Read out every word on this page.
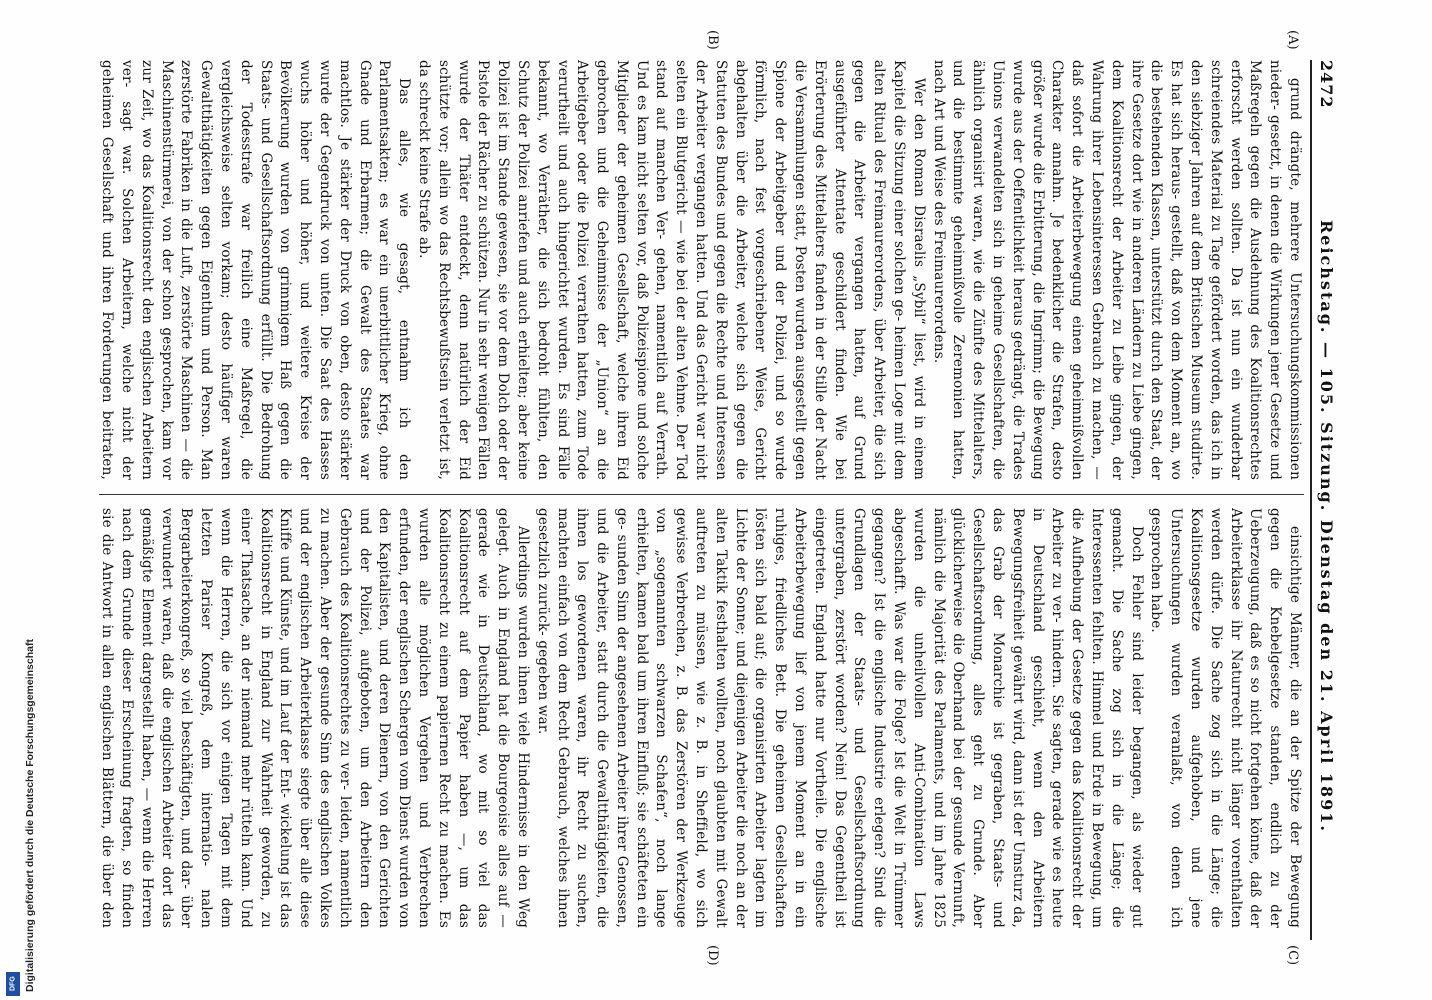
2472
Reichstag. — 105. Sitzung. Dienstag den 21. April 1891.

grund drängte, mehrere Untersuchungskommissionen nieder- gesetzt, in denen die Wirkungen jener Gesetze und Maßregeln gegen die Ausdehnung des Koalitionsrechtes erforscht werden sollten. Da ist nun ein wunderbar schreiendes Material zu Tage gefördert worden, das ich in den siebziger Jahren auf dem Britischen Museum studirte. Es hat sich heraus- gestellt, daß von dem Moment an, wo die bestehenden Klassen, unterstützt durch den Staat, der ihre Gesetze dort wie in anderen Ländern zu Liebe gingen, dem Koalitionsrecht der Arbeiter zu Leibe gingen, der Wahrung ihrer Lebensinteressen Gebrauch zu machen, — daß sofort die Arbeiterbewegung einen geheimnißvollen Charakter annahm. Je bedenklicher die Strafen, desto größer wurde die Erbitterung, die Ingrimm; die Bewegung wurde aus der Oeffentlichkeit heraus gedrängt, die Trades Unions verwandelten sich in geheime Gesellschaften, die ähnlich organisirt waren, wie die Zünfte des Mittelalters, und die bestimmte geheimnißvolle Zeremonien hatten, nach Art und Weise des Freimaurerordens.

Wer den Roman Disraelis „Sybil“ liest, wird in einem Kapitel die Sitzung einer solchen ge- heimen Loge mit dem alten Ritual des Freimaurerordens, über Arbeiter, die sich gegen die Arbeiter vergangen hatten, auf Grund ausgeführter Attentate geschildert finden. Wie bei Erörterung des Mittelalters fanden in der Stille der Nacht die Versammlungen statt, Posten wurden ausgestellt gegen Spione der Arbeitgeber und der Polizei, und so wurde förmlich, nach fest vorgeschriebener Weise, Gericht abgehalten über die Arbeiter, welche sich gegen die Statuten des Bundes und gegen die Rechte und Interessen der Arbeiter vergangen hatten. Und das Gericht war nicht selten ein Blutgericht — wie bei der alten Vehme. Der Tod stand auf manchen Ver- gehen, namentlich auf Verrath. Und es kam nicht selten vor, daß Polizeispione und solche Mitglieder der geheimen Gesellschaft, welche ihren Eid gebrochen und die Geheimnisse der „Union“ an die Arbeitgeber oder die Polizei verrathen hatten, zum Tode verurtheilt und auch hingerichtet wurden. Es sind Fälle bekannt, wo Verräther, die sich bedroht fühlten, den Schutz der Polizei anriefen und auch erhielten; aber keine Polizei ist im Stande gewesen, sie vor dem Dolch oder der Pistole der Rächer zu schützen. Nur in sehr wenigen Fällen wurde der Thäter entdeckt, denn natürlich der Eid schützte vor; allein wo das Rechtsbewußtsein verletzt ist, da schreckt keine Strafe ab.

Das alles, wie gesagt, entnahm ich den Parlamentsakten; es war ein unerbittlicher Krieg, ohne Gnade und Erbarmen; die Gewalt des Staates war machtlos. Je stärker der Druck von oben, desto stärker wurde der Gegendruck von unten. Die Saat des Hasses wuchs höher und höher, und weitere Kreise der Bevölkerung wurden von grimmigem Haß gegen die Staats- und Gesellschaftsordnung erfüllt. Die Bedrohung der Todesstrafe war freilich eine Maßregel, die vergleichsweise selten vorkam; desto häufiger waren Gewaltthätigkeiten gegen Eigenthum und Person. Man zerstörte Fabriken in die Luft, zerstörte Maschinen — die Maschinenstürmerei, von der schon gesprochen, kam vor zur Zeit, wo das Koalitionsrecht den englischen Arbeitern ver- sagt war. Solchen Arbeitern, welche nicht der geheimen Gesellschaft und ihren Forderungen beitraten,

einsichtige Männer, die an der Spitze der Bewegung gegen die Knebelgesetze standen, endlich zu der Ueberzeugung, daß es so nicht fortgehen könne, daß der Arbeiterklasse ihr Naturrecht nicht länger vorenthalten werden dürfe. Die Sache zog sich in die Länge; die Koalitionsgesetze wurden aufgehoben, und jene Untersuchungen wurden veranlaßt, von denen ich gesprochen habe.

Doch Fehler sind leider begangen, als wieder gut gemacht. Die Sache zog sich in die Länge; die Interessenten fehlten. Himmel und Erde in Bewegung, um die Aufhebung der Gesetze gegen das Koalitionsrecht der Arbeiter zu ver- hindern. Sie sagten, gerade wie es heute in Deutschland geschieht, wenn den Arbeitern Bewegungsfreiheit gewährt wird, dann ist der Umsturz da, das Grab der Monarchie ist gegraben, Staats- und Gesellschaftsordnung, alles geht zu Grunde. Aber glücklicherweise die Oberhand bei der gesunde Vernunft, nämlich die Majorität des Parlaments, und im Jahre 1825 wurden die unheilvollen Anti-Combination Laws abgeschafft. Was war die Folge? Ist die Welt in Trümmer gegangen? Ist die englische Industrie erlegen? Sind die Grundlagen der Staats- und Gesellschaftsordnung untergraben, zerstört worden? Nein! Das Gegentheil ist eingetreten. England hatte nur Vortheile. Die englische Arbeiterbewegung lief von jenem Moment an in ein ruhiges, friedliches Bett. Die geheimen Gesellschaften lösten sich bald auf; die organisirten Arbeiter lagten im Lichte der Sonne; und diejenigen Arbeiter die noch an der alten Taktik festhalten wollten, noch glaubten mit Gewalt auftreten zu müssen, wie z. B. in Sheffield, wo sich gewisse Verbrechen, z. B. das Zerstören der Werkzeuge von „sogenannten schwarzen Schafen“, noch lange erhielten, kamen bald um ihren Einfluß; sie schäfteten ein ge- sunden Sinn der angesehenen Arbeiter ihrer Genossen, und die Arbeiter, statt durch die Gewaltthätigkeiten, die ihnen los gewordenen waren, ihr Recht zu suchen, machten einfach von dem Recht Gebrauch, welches ihnen gesetzlich zurück- gegeben war.

Allerdings wurden ihnen viele Hindernisse in den Weg gelegt. Auch in England hat die Bourgeoisie alles auf — gerade wie in Deutschland, wo mit so viel das Koalitionsrecht auf dem Papier haben —, um das Koalitionsrecht zu einem papiernen Recht zu machen. Es wurden alle möglichen Vergehen und Verbrechen erfunden, der englischen Schergen vom Dienst wurden von den Kapitalisten, und deren Dienern, von den Gerichten und der Polizei, aufgeboten, um den Arbeitern den Gebrauch des Koalitionsrechtes zu ver- leiden, namentlich zu machen. Aber der gesunde Sinn des englischen Volkes und der englischen Arbeiterklasse siegte über alle diese Kniffe und Künste, und im Lauf der Ent- wickelung ist das Koalitionsrecht in England zur Wahrheit geworden, zu einer Thatsache, an der niemand mehr rütteln kann. Und wenn die Herren, die sich vor einigen Tagen mit dem letzten Pariser Kongreß, dem internatio- nalen Bergarbeiterkongreß, so viel beschäftigten, und dar- über verwundert waren, daß die englischen Arbeiter dort das gemäßigte Element dargestellt haben, — wenn die Herren nach dem Grunde dieser Erscheinung fragten, so finden sie die Antwort in allen englischen Blättern, die über den

(A)
(B)
(C)
(D)
DFG Digitalisierung gefördert durch die Deutsche Forschungsgemeinschaft
